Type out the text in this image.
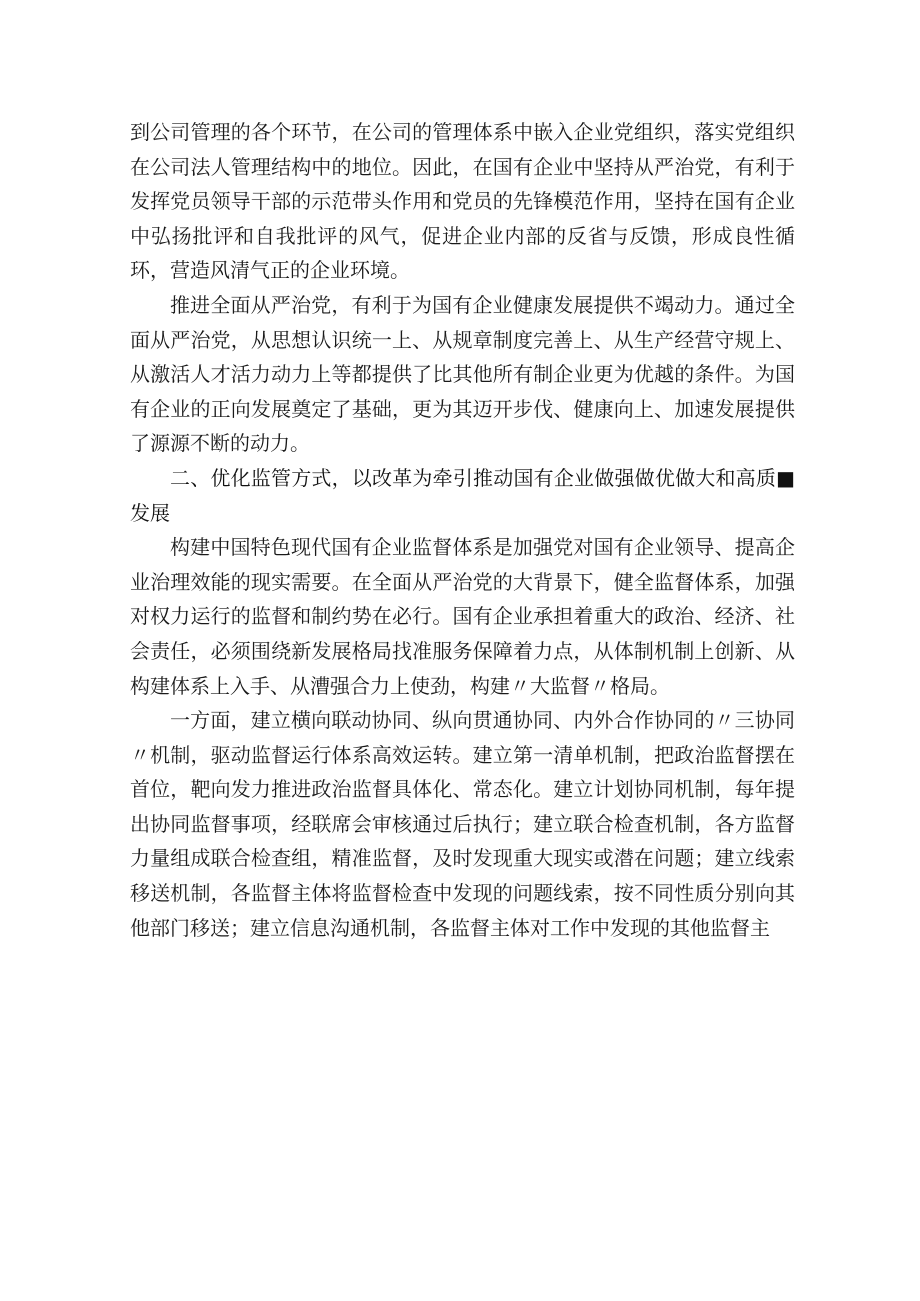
到公司管理的各个环节，在公司的管理体系中嵌入企业党组织，落实党组织在公司法人管理结构中的地位。因此，在国有企业中坚持从严治党，有利于发挥党员领导干部的示范带头作用和党员的先锋模范作用，坚持在国有企业中弘扬批评和自我批评的风气，促进企业内部的反省与反馈，形成良性循环，营造风清气正的企业环境。

推进全面从严治党，有利于为国有企业健康发展提供不竭动力。通过全面从严治党，从思想认识统一上、从规章制度完善上、从生产经营守规上、从激活人才活力动力上等都提供了比其他所有制企业更为优越的条件。为国有企业的正向发展奠定了基础，更为其迈开步伐、健康向上、加速发展提供了源源不断的动力。

二、优化监管方式，以改革为牵引推动国有企业做强做优做大和高质■发展

构建中国特色现代国有企业监督体系是加强党对国有企业领导、提高企业治理效能的现实需要。在全面从严治党的大背景下，健全监督体系，加强对权力运行的监督和制约势在必行。国有企业承担着重大的政治、经济、社会责任，必须围绕新发展格局找准服务保障着力点，从体制机制上创新、从构建体系上入手、从漕强合力上使劲，构建〃大监督〃格局。

一方面，建立横向联动协同、纵向贯通协同、内外合作协同的〃三协同〃机制，驱动监督运行体系高效运转。建立第一清单机制，把政治监督摆在首位，靶向发力推进政治监督具体化、常态化。建立计划协同机制，每年提出协同监督事项，经联席会审核通过后执行；建立联合检查机制，各方监督力量组成联合检查组，精准监督，及时发现重大现实或潜在问题；建立线索移送机制，各监督主体将监督检查中发现的问题线索，按不同性质分别向其他部门移送；建立信息沟通机制，各监督主体对工作中发现的其他监督主
